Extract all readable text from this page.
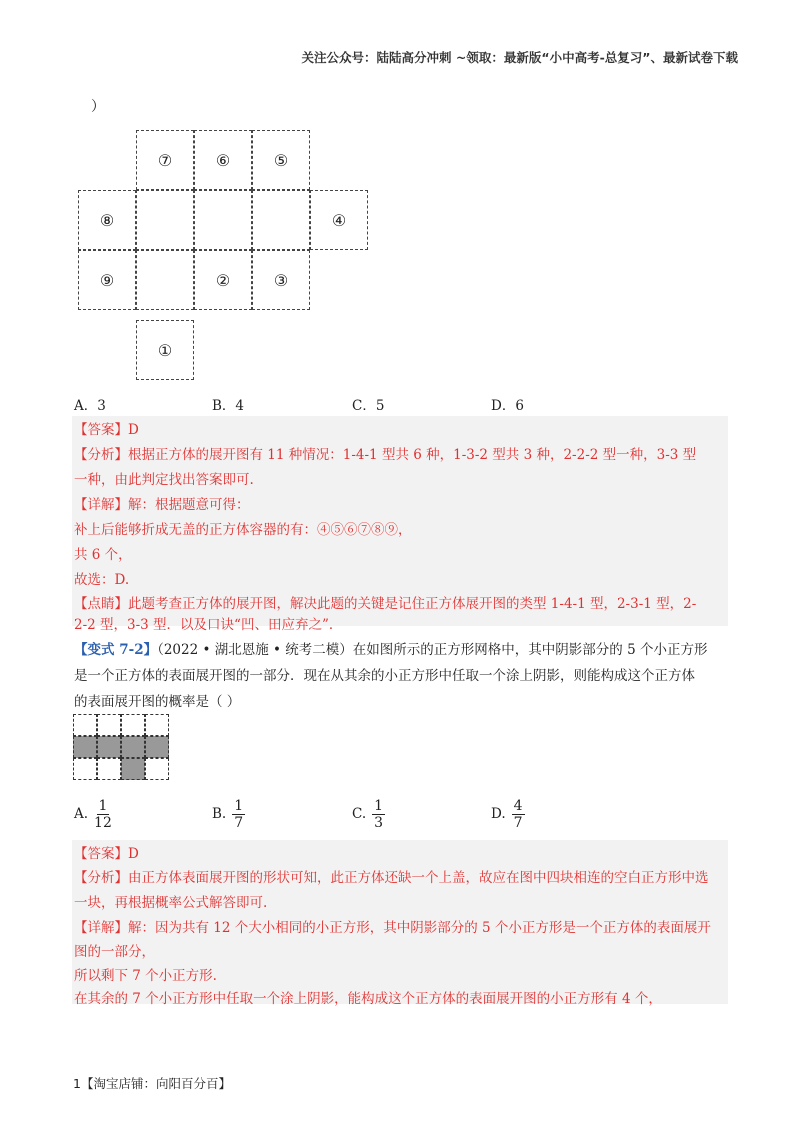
关注公众号：陆陆高分冲刺 ~领取：最新版“小中高考-总复习”、最新试卷下载
）
⑦	⑥	⑤
⑧	④
⑨	②	③
①
A．3	B．4	C．5	D．6
【答案】D
【分析】根据正方体的展开图有 11 种情况：1-4-1 型共 6 种，1-3-2 型共 3 种，2-2-2 型一种，3-3 型
一种，由此判定找出答案即可.
【详解】解：根据题意可得：
补上后能够折成无盖的正方体容器的有：④⑤⑥⑦⑧⑨，
共 6 个，
故选：D.
【点睛】此题考查正方体的展开图，解决此题的关键是记住正方体展开图的类型 1-4-1 型，2-3-1 型，2-
2-2 型，3-3 型．以及口诀“凹、田应弃之”．
【变式 7-2】（2022 • 湖北恩施 • 统考二模）在如图所示的正方形网格中，其中阴影部分的 5 个小正方形
是一个正方体的表面展开图的一部分．现在从其余的小正方形中任取一个涂上阴影，则能构成这个正方体
的表面展开图的概率是（ ）
A. $\frac{1}{12}$	B. $\frac{1}{7}$	C. $\frac{1}{3}$	D. $\frac{4}{7}$
【答案】D
【分析】由正方体表面展开图的形状可知，此正方体还缺一个上盖，故应在图中四块相连的空白正方形中选
一块，再根据概率公式解答即可.
【详解】解：因为共有 12 个大小相同的小正方形，其中阴影部分的 5 个小正方形是一个正方体的表面展开
图的一部分，
所以剩下 7 个小正方形.
在其余的 7 个小正方形中任取一个涂上阴影，能构成这个正方体的表面展开图的小正方形有 4 个，
1【淘宝店铺：向阳百分百】
